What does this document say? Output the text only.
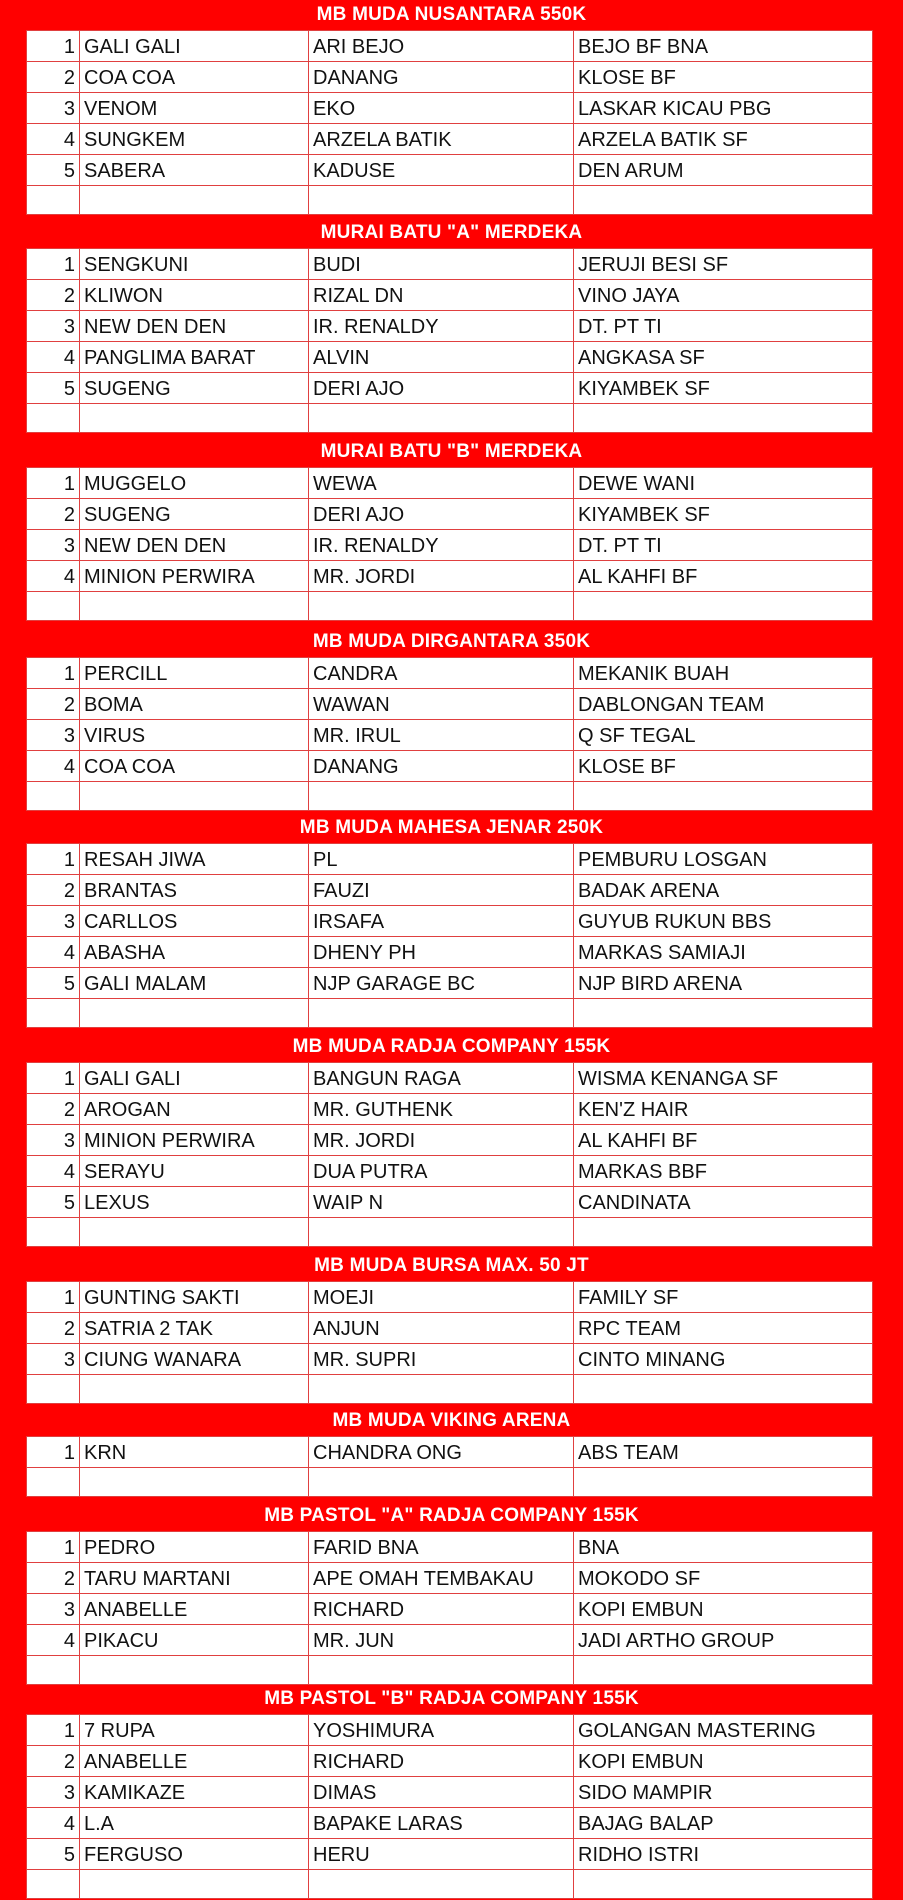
MB MUDA NUSANTARA 550K
1	GALI GALI	ARI BEJO	BEJO BF BNA
2	COA COA	DANANG	KLOSE BF
3	VENOM	EKO	LASKAR KICAU PBG
4	SUNGKEM	ARZELA BATIK	ARZELA BATIK SF
5	SABERA	KADUSE	DEN ARUM

MURAI BATU "A" MERDEKA
1	SENGKUNI	BUDI	JERUJI BESI SF
2	KLIWON	RIZAL DN	VINO JAYA
3	NEW DEN DEN	IR. RENALDY	DT. PT TI
4	PANGLIMA BARAT	ALVIN	ANGKASA SF
5	SUGENG	DERI AJO	KIYAMBEK SF

MURAI BATU "B" MERDEKA
1	MUGGELO	WEWA	DEWE WANI
2	SUGENG	DERI AJO	KIYAMBEK SF
3	NEW DEN DEN	IR. RENALDY	DT. PT TI
4	MINION PERWIRA	MR. JORDI	AL KAHFI BF

MB MUDA DIRGANTARA 350K
1	PERCILL	CANDRA	MEKANIK BUAH
2	BOMA	WAWAN	DABLONGAN TEAM
3	VIRUS	MR. IRUL	Q SF TEGAL
4	COA COA	DANANG	KLOSE BF

MB MUDA MAHESA JENAR 250K
1	RESAH JIWA	PL	PEMBURU LOSGAN
2	BRANTAS	FAUZI	BADAK ARENA
3	CARLLOS	IRSAFA	GUYUB RUKUN BBS
4	ABASHA	DHENY PH	MARKAS SAMIAJI
5	GALI MALAM	NJP GARAGE BC	NJP BIRD ARENA

MB MUDA RADJA COMPANY 155K
1	GALI GALI	BANGUN RAGA	WISMA KENANGA SF
2	AROGAN	MR. GUTHENK	KEN'Z HAIR
3	MINION PERWIRA	MR. JORDI	AL KAHFI BF
4	SERAYU	DUA PUTRA	MARKAS BBF
5	LEXUS	WAIP N	CANDINATA

MB MUDA BURSA MAX. 50 JT
1	GUNTING SAKTI	MOEJI	FAMILY SF
2	SATRIA 2 TAK	ANJUN	RPC TEAM
3	CIUNG WANARA	MR. SUPRI	CINTO MINANG

MB MUDA VIKING ARENA
1	KRN	CHANDRA ONG	ABS TEAM

MB PASTOL "A" RADJA COMPANY 155K
1	PEDRO	FARID BNA	BNA
2	TARU MARTANI	APE OMAH TEMBAKAU	MOKODO SF
3	ANABELLE	RICHARD	KOPI EMBUN
4	PIKACU	MR. JUN	JADI ARTHO GROUP

MB PASTOL "B" RADJA COMPANY 155K
1	7 RUPA	YOSHIMURA	GOLANGAN MASTERING
2	ANABELLE	RICHARD	KOPI EMBUN
3	KAMIKAZE	DIMAS	SIDO MAMPIR
4	L.A	BAPAKE LARAS	BAJAG BALAP
5	FERGUSO	HERU	RIDHO ISTRI
